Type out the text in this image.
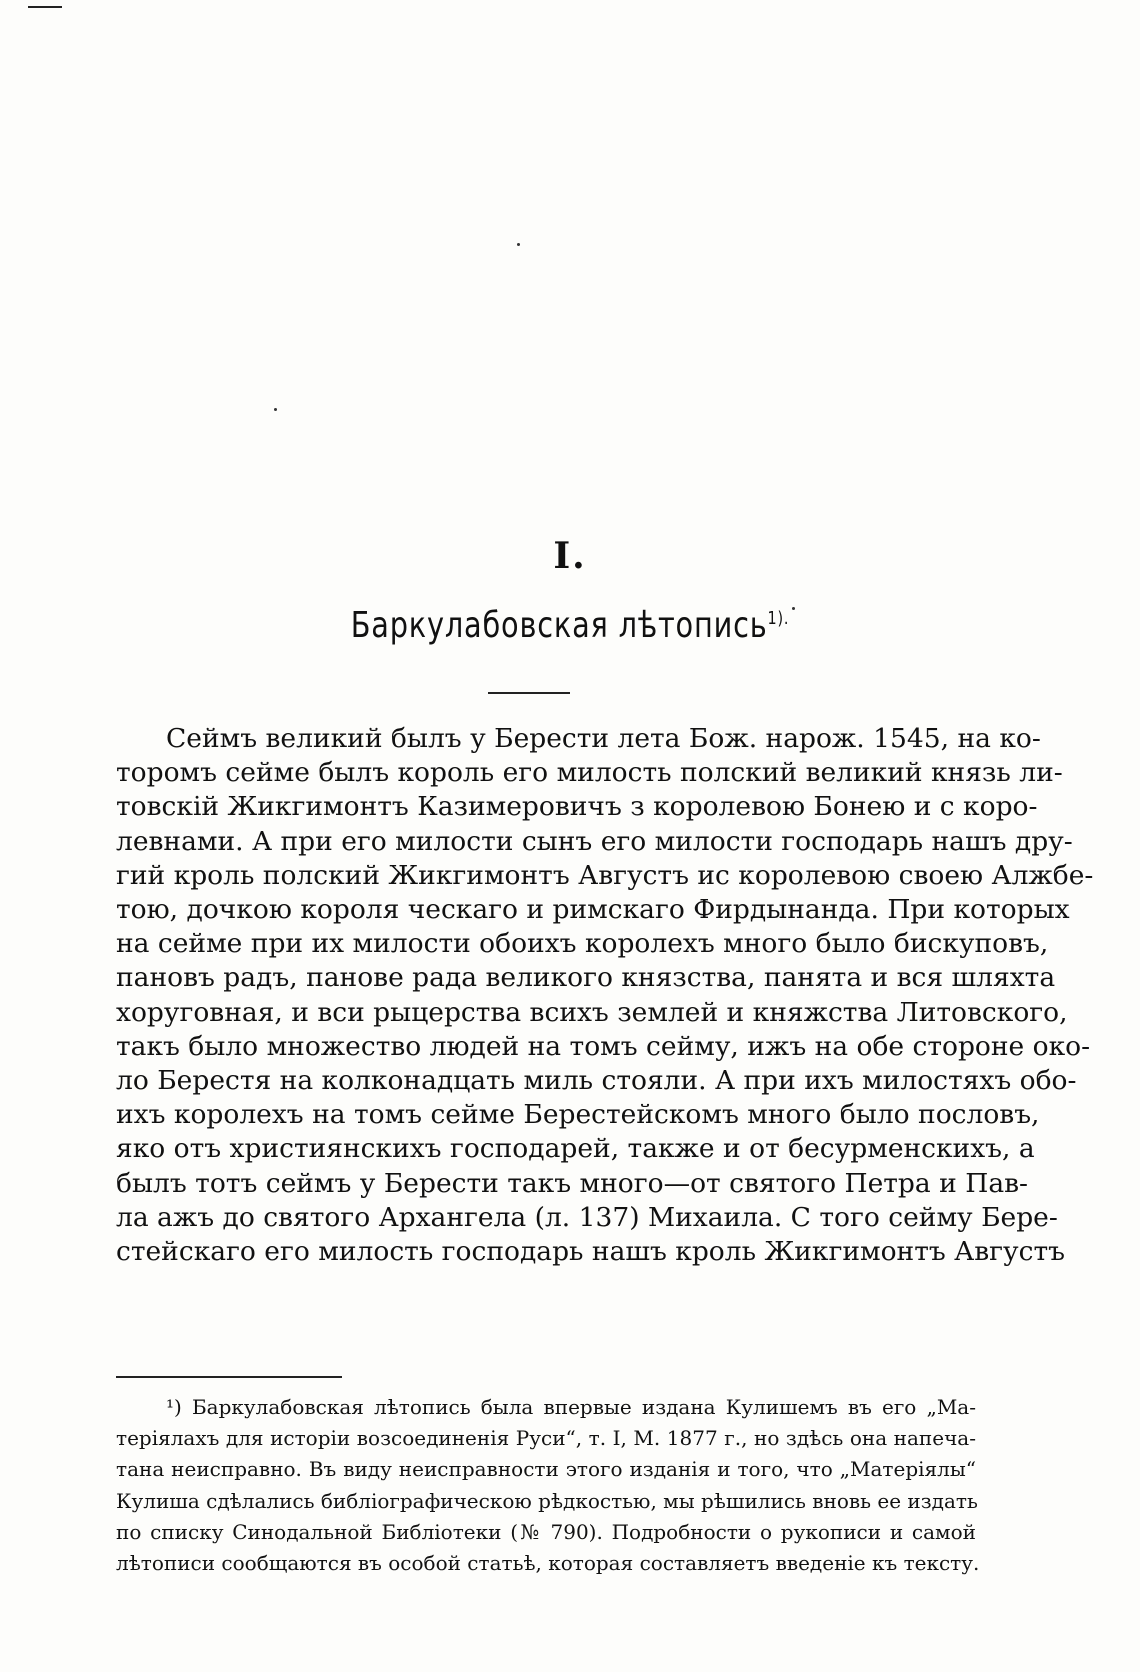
I.
Баркулабовская лѣтопись$^{1).}$
Сеймъ великий былъ у Берести лета Бож. нарож. 1545, на ко-
торомъ сейме былъ король его милость полский великий князь ли-
товскій Жикгимонтъ Казимеровичъ з королевою Бонею и с коро-
левнами. А при его милости сынъ его милости господарь нашъ дру-
гий кроль полский Жикгимонтъ Августъ ис королевою своею Алжбе-
тою, дочкою короля ческаго и римскаго Фирдынанда. При которых
на сейме при их милости обоихъ королехъ много было бискуповъ,
пановъ радъ, панове рада великого князства, панята и вся шляхта
хоруговная, и вси рыцерства всихъ землей и княжства Литовского,
такъ было множество людей на томъ сейму, ижъ на обе стороне око-
ло Берестя на колконадцать миль стояли. А при ихъ милостяхъ обо-
ихъ королехъ на томъ сейме Берестейскомъ много было пословъ,
яко отъ християнскихъ господарей, также и от бесурменскихъ, а
былъ тотъ сеймъ у Берести такъ много—от святого Петра и Пав-
ла ажъ до святого Архангела (л. 137) Михаила. С того сейму Бере-
стейскаго его милость господарь нашъ кроль Жикгимонтъ Августъ
¹) Баркулабовская лѣтопись была впервые издана Кулишемъ въ его „Ма-
теріялахъ для исторіи возсоединенія Руси“, т. I, М. 1877 г., но здѣсь она напеча-
тана неисправно. Въ виду неисправности этого изданія и того, что „Матеріялы“
Кулиша сдѣлались библіографическою рѣдкостью, мы рѣшились вновь ее издать
по списку Синодальной Библіотеки (№ 790). Подробности о рукописи и самой
лѣтописи сообщаются въ особой статьѣ, которая составляетъ введеніе къ тексту.
